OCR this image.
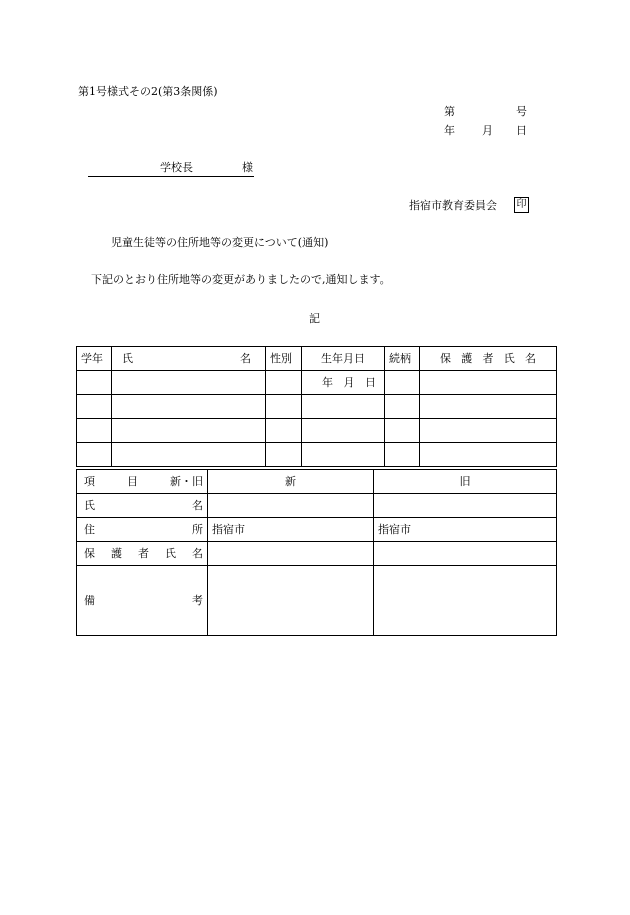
第1号様式その2(第3条関係)
第	号
年 月 日
学校長	様
指宿市教育委員会 印
児童生徒等の住所地等の変更について(通知)
下記のとおり住所地等の変更がありましたので,通知します。
記
学年	氏 名	性別	生年月日	続柄	保 護 者 氏 名

			年 月 日		

項 目 新・旧	新	旧

氏 名		

住 所	指宿市	指宿市

保 護 者 氏 名		

備 考		
